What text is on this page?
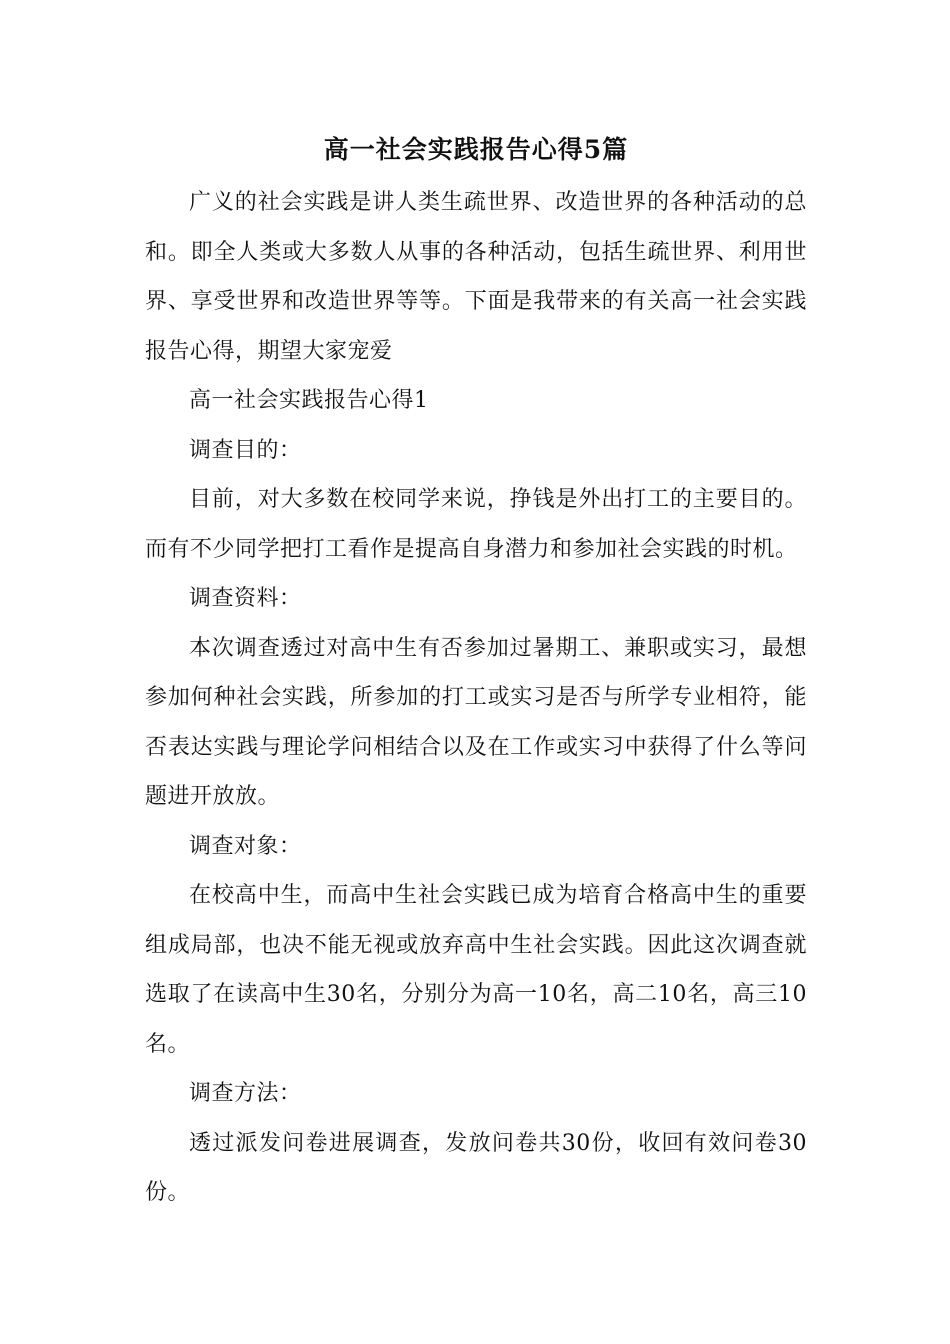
高一社会实践报告心得5篇

广义的社会实践是讲人类生疏世界、改造世界的各种活动的总和。即全人类或大多数人从事的各种活动，包括生疏世界、利用世界、享受世界和改造世界等等。下面是我带来的有关高一社会实践报告心得，期望大家宠爱

高一社会实践报告心得1

调查目的：

目前，对大多数在校同学来说，挣钱是外出打工的主要目的。而有不少同学把打工看作是提高自身潜力和参加社会实践的时机。

调查资料：

本次调查透过对高中生有否参加过暑期工、兼职或实习，最想参加何种社会实践，所参加的打工或实习是否与所学专业相符，能否表达实践与理论学问相结合以及在工作或实习中获得了什么等问题进开放放。

调查对象：

在校高中生，而高中生社会实践已成为培育合格高中生的重要组成局部，也决不能无视或放弃高中生社会实践。因此这次调查就选取了在读高中生30名，分别分为高一10名，高二10名，高三10名。

调查方法：

透过派发问卷进展调查，发放问卷共30份，收回有效问卷30份。
